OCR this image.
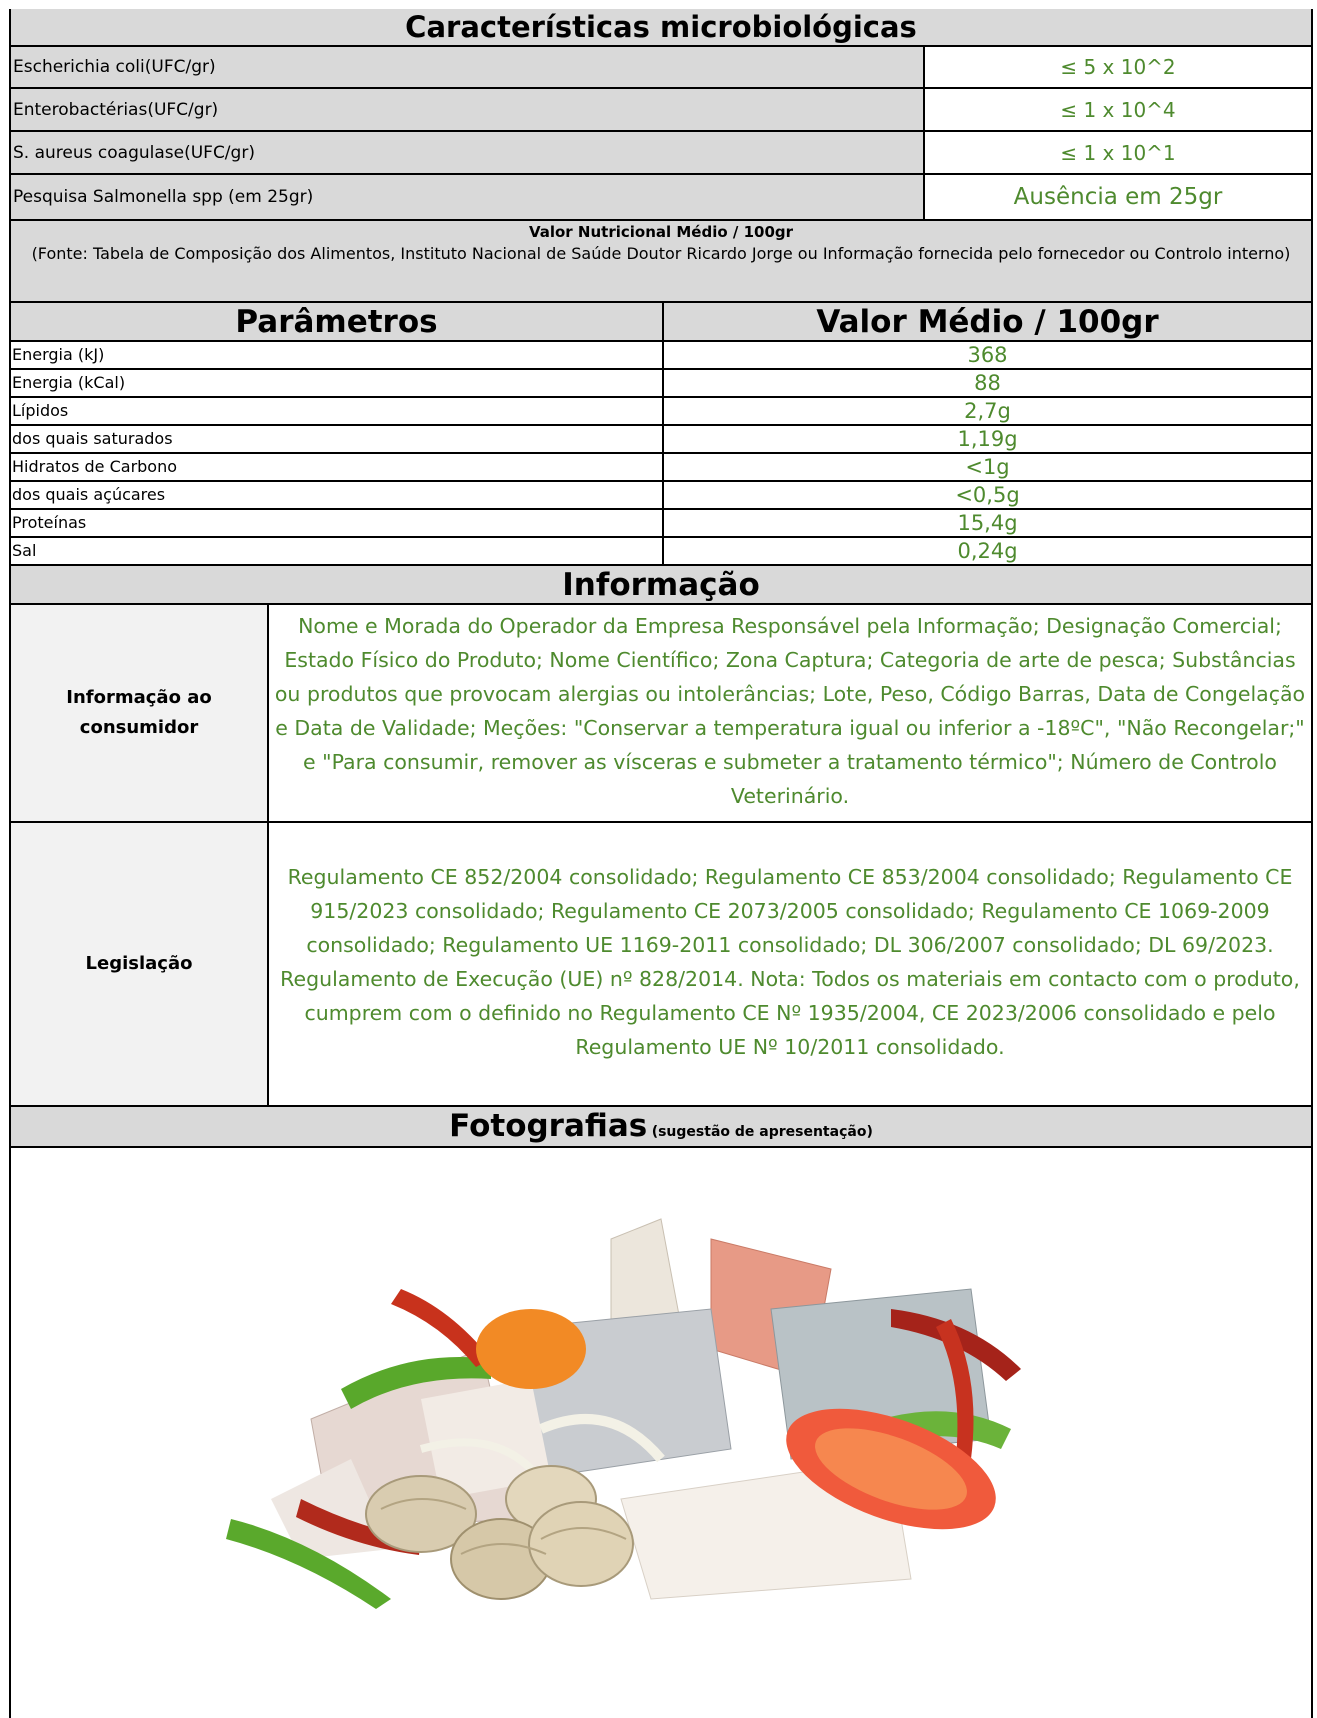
Características microbiológicas
Escherichia coli(UFC/gr)	≤ 5 x 10^2
Enterobactérias(UFC/gr)	≤ 1 x 10^4
S. aureus coagulase(UFC/gr)	≤ 1 x 10^1
Pesquisa Salmonella spp (em 25gr)	Ausência em 25gr
Valor Nutricional Médio / 100gr
(Fonte: Tabela de Composição dos Alimentos, Instituto Nacional de Saúde Doutor Ricardo Jorge ou Informação fornecida pelo fornecedor ou Controlo interno)
Parâmetros	Valor Médio / 100gr
Energia (kJ)	368
Energia (kCal)	88
Lípidos	2,7g
dos quais saturados	1,19g
Hidratos de Carbono	<1g
dos quais açúcares	<0,5g
Proteínas	15,4g
Sal	0,24g
Informação
Informação ao consumidor
Nome e Morada do Operador da Empresa Responsável pela Informação; Designação Comercial; Estado Físico do Produto; Nome Científico; Zona Captura; Categoria de arte de pesca; Substâncias ou produtos que provocam alergias ou intolerâncias; Lote, Peso, Código Barras, Data de Congelação e Data de Validade; Meções: "Conservar a temperatura igual ou inferior a -18ºC", "Não Recongelar;" e "Para consumir, remover as vísceras e submeter a tratamento térmico"; Número de Controlo Veterinário.
Legislação
Regulamento CE 852/2004 consolidado; Regulamento CE 853/2004 consolidado; Regulamento CE 915/2023 consolidado; Regulamento CE 2073/2005 consolidado; Regulamento CE 1069-2009 consolidado; Regulamento UE 1169-2011 consolidado; DL 306/2007 consolidado; DL 69/2023. Regulamento de Execução (UE) nº 828/2014. Nota: Todos os materiais em contacto com o produto, cumprem com o definido no Regulamento CE Nº 1935/2004, CE 2023/2006 consolidado e pelo Regulamento UE Nº 10/2011 consolidado.
Fotografias (sugestão de apresentação)
